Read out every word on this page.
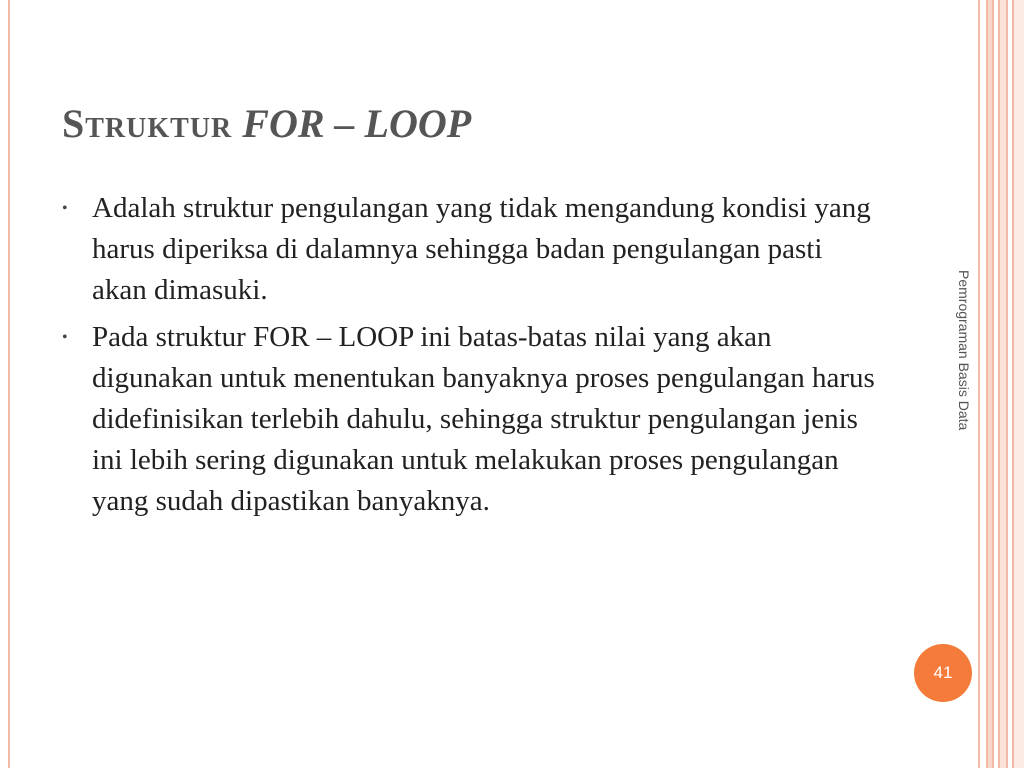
Struktur FOR – LOOP
• Adalah struktur pengulangan yang tidak mengandung kondisi yang harus diperiksa di dalamnya sehingga badan pengulangan pasti akan dimasuki.
• Pada struktur FOR – LOOP ini batas-batas nilai yang akan digunakan untuk menentukan banyaknya proses pengulangan harus didefinisikan terlebih dahulu, sehingga struktur pengulangan jenis ini lebih sering digunakan untuk melakukan proses pengulangan yang sudah dipastikan banyaknya.
Pemrograman Basis Data
41
